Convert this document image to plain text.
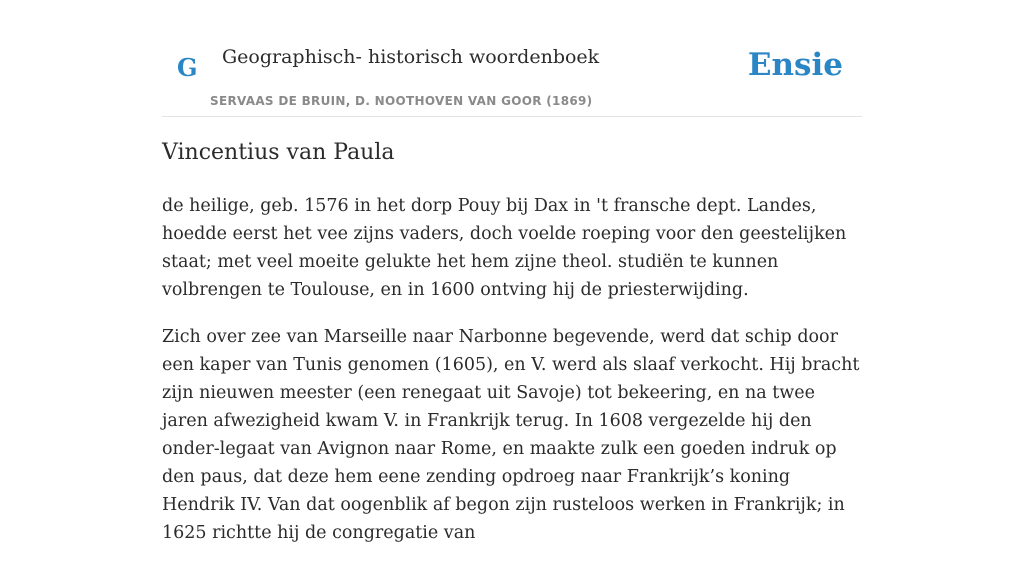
G Geographisch- historisch woordenboek
SERVAAS DE BRUIN, D. NOOTHOVEN VAN GOOR (1869)
Ensie
Vincentius van Paula

de heilige, geb. 1576 in het dorp Pouy bij Dax in 't fransche dept. Landes, hoedde eerst het vee zijns vaders, doch voelde roeping voor den geestelijken staat; met veel moeite gelukte het hem zijne theol. studiën te kunnen volbrengen te Toulouse, en in 1600 ontving hij de priesterwijding.

Zich over zee van Marseille naar Narbonne begevende, werd dat schip door een kaper van Tunis genomen (1605), en V. werd als slaaf verkocht. Hij bracht zijn nieuwen meester (een renegaat uit Savoje) tot bekeering, en na twee jaren afwezigheid kwam V. in Frankrijk terug. In 1608 vergezelde hij den onder-legaat van Avignon naar Rome, en maakte zulk een goeden indruk op den paus, dat deze hem eene zending opdroeg naar Frankrijk’s koning Hendrik IV. Van dat oogenblik af begon zijn rusteloos werken in Frankrijk; in 1625 richtte hij de congregatie van
